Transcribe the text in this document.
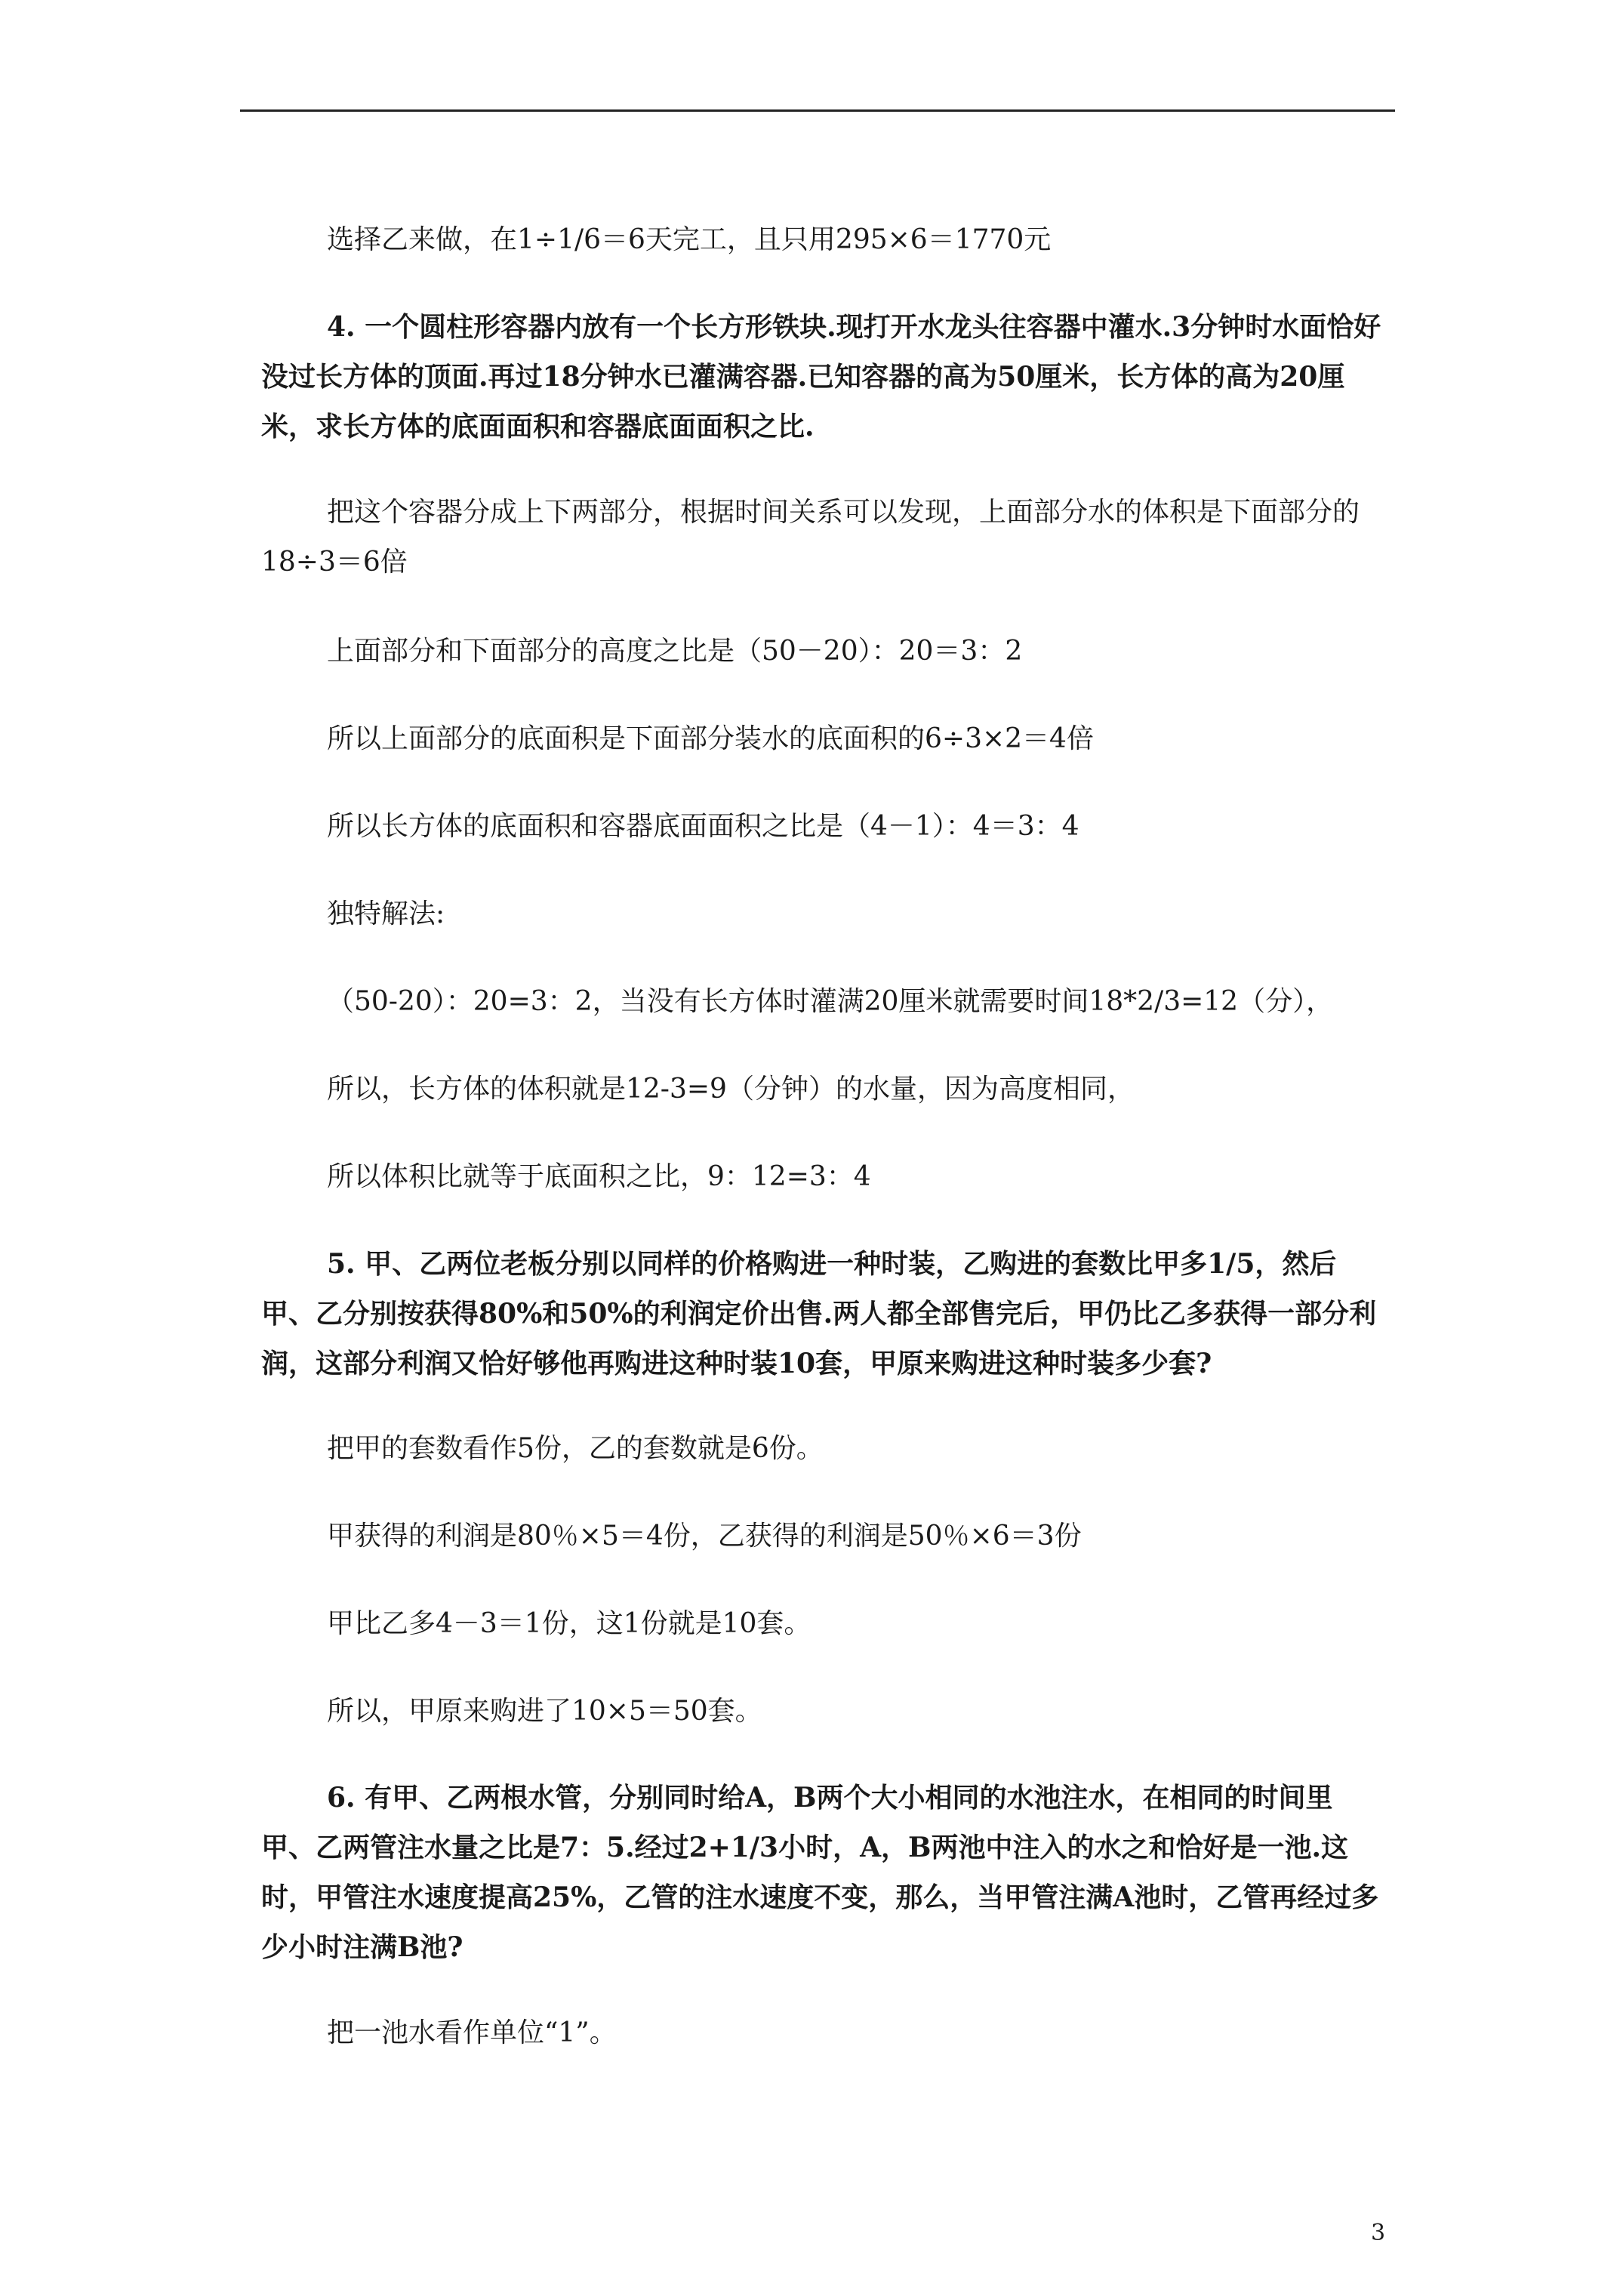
选择乙来做，在1÷1/6＝6天完工，且只用295×6＝1770元

4. 一个圆柱形容器内放有一个长方形铁块.现打开水龙头往容器中灌水.3分钟时水面恰好没过长方体的顶面.再过18分钟水已灌满容器.已知容器的高为50厘米，长方体的高为20厘米，求长方体的底面面积和容器底面面积之比.

把这个容器分成上下两部分，根据时间关系可以发现，上面部分水的体积是下面部分的18÷3＝6倍

上面部分和下面部分的高度之比是（50－20）：20＝3：2

所以上面部分的底面积是下面部分装水的底面积的6÷3×2＝4倍

所以长方体的底面积和容器底面面积之比是（4－1）：4＝3：4

独特解法:

（50-20）：20=3：2，当没有长方体时灌满20厘米就需要时间18*2/3=12（分），

所以，长方体的体积就是12-3=9（分钟）的水量，因为高度相同，

所以体积比就等于底面积之比，9：12=3：4

5. 甲、乙两位老板分别以同样的价格购进一种时装，乙购进的套数比甲多1/5，然后甲、乙分别按获得80%和50%的利润定价出售.两人都全部售完后，甲仍比乙多获得一部分利润，这部分利润又恰好够他再购进这种时装10套，甲原来购进这种时装多少套?

把甲的套数看作5份，乙的套数就是6份。

甲获得的利润是80％×5＝4份，乙获得的利润是50％×6＝3份

甲比乙多4－3＝1份，这1份就是10套。

所以，甲原来购进了10×5＝50套。

6. 有甲、乙两根水管，分别同时给A，B两个大小相同的水池注水，在相同的时间里甲、乙两管注水量之比是7：5.经过2+1/3小时，A，B两池中注入的水之和恰好是一池.这时，甲管注水速度提高25%，乙管的注水速度不变，那么，当甲管注满A池时，乙管再经过多少小时注满B池?

把一池水看作单位“1”。

3
